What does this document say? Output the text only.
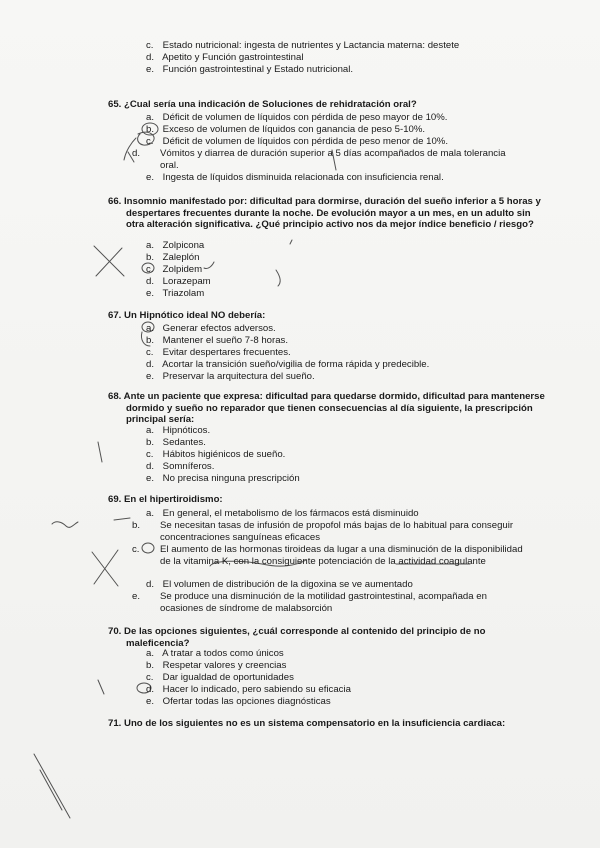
c. Estado nutricional: ingesta de nutrientes y Lactancia materna: destete
d. Apetito y Función gastrointestinal
e. Función gastrointestinal y Estado nutricional.
65. ¿Cual sería una indicación de Soluciones de rehidratación oral?
a. Déficit de volumen de líquidos con pérdida de peso mayor de 10%.
b. Exceso de volumen de líquidos con ganancia de peso 5-10%.
c. Déficit de volumen de líquidos con pérdida de peso menor de 10%.
d. Vómitos y diarrea de duración superior a 5 días acompañados de mala tolerancia oral.
e. Ingesta de líquidos disminuida relacionada con insuficiencia renal.
66. Insomnio manifestado por: dificultad para dormirse, duración del sueño inferior a 5 horas y despertares frecuentes durante la noche. De evolución mayor a un mes, en un adulto sin otra alteración significativa. ¿Qué principio activo nos da mejor índice beneficio / riesgo?
a. Zolpicona
b. Zaleplón
c. Zolpidem
d. Lorazepam
e. Triazolam
67. Un Hipnótico ideal NO debería:
a. Generar efectos adversos.
b. Mantener el sueño 7-8 horas.
c. Evitar despertares frecuentes.
d. Acortar la transición sueño/vigilia de forma rápida y predecible.
e. Preservar la arquitectura del sueño.
68. Ante un paciente que expresa: dificultad para quedarse dormido, dificultad para mantenerse dormido y sueño no reparador que tienen consecuencias al día siguiente, la prescripción principal sería:
a. Hipnóticos.
b. Sedantes.
c. Hábitos higiénicos de sueño.
d. Somníferos.
e. No precisa ninguna prescripción
69. En el hipertiroidismo:
a. En general, el metabolismo de los fármacos está disminuido
b. Se necesitan tasas de infusión de propofol más bajas de lo habitual para conseguir concentraciones sanguíneas eficaces
c. El aumento de las hormonas tiroideas da lugar a una disminución de la disponibilidad de la vitamina K, con la consiguiente potenciación de la actividad coagulante
d. El volumen de distribución de la digoxina se ve aumentado
e. Se produce una disminución de la motilidad gastrointestinal, acompañada en ocasiones de síndrome de malabsorción
70. De las opciones siguientes, ¿cuál corresponde al contenido del principio de no maleficencia?
a. A tratar a todos como únicos
b. Respetar valores y creencias
c. Dar igualdad de oportunidades
d. Hacer lo indicado, pero sabiendo su eficacia
e. Ofertar todas las opciones diagnósticas
71. Uno de los siguientes no es un sistema compensatorio en la insuficiencia cardiaca:
